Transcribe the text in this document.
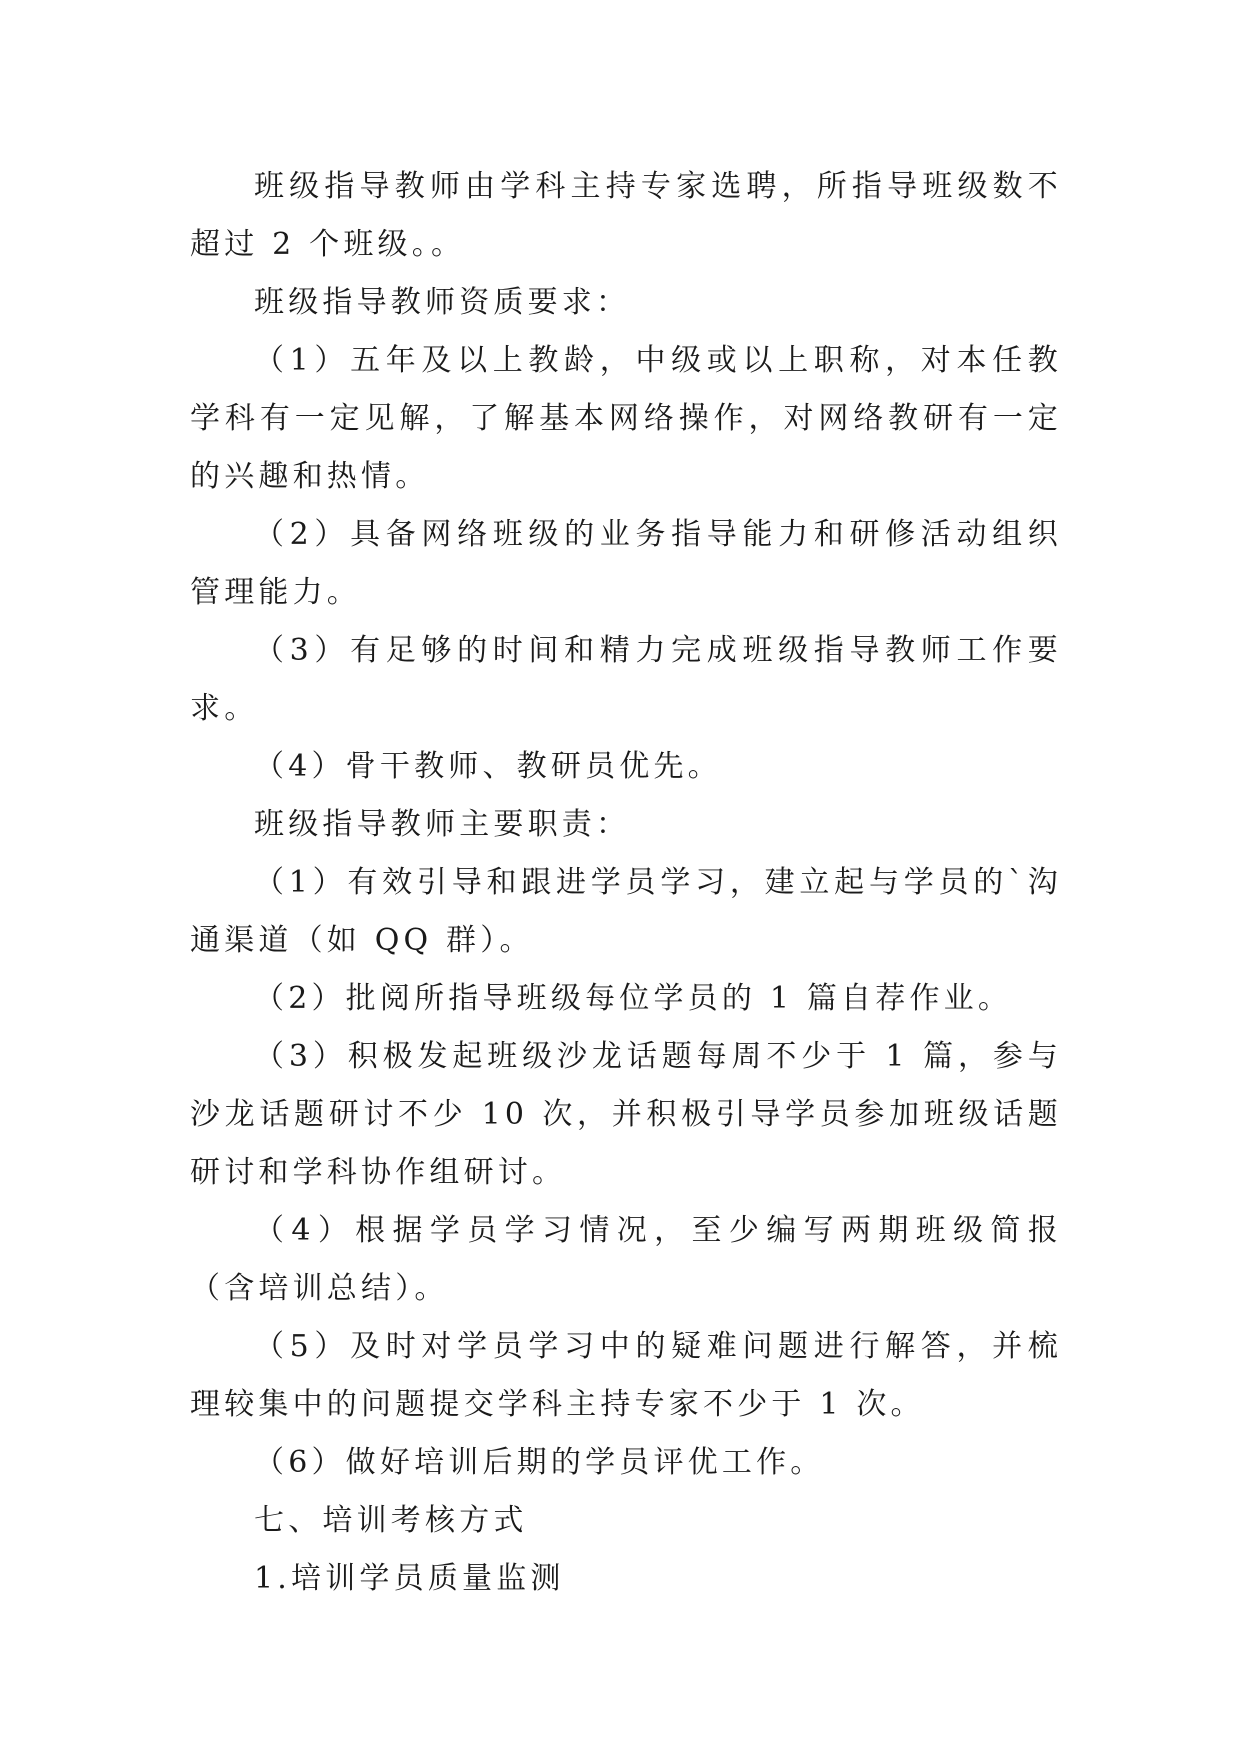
班级指导教师由学科主持专家选聘，所指导班级数不超过 2 个班级。。

班级指导教师资质要求：

（1）五年及以上教龄，中级或以上职称，对本任教学科有一定见解，了解基本网络操作，对网络教研有一定的兴趣和热情。

（2）具备网络班级的业务指导能力和研修活动组织管理能力。

（3）有足够的时间和精力完成班级指导教师工作要求。

（4）骨干教师、教研员优先。

班级指导教师主要职责：

（1）有效引导和跟进学员学习，建立起与学员的`沟通渠道（如 QQ 群）。

（2）批阅所指导班级每位学员的 1 篇自荐作业。

（3）积极发起班级沙龙话题每周不少于 1 篇，参与沙龙话题研讨不少 10 次，并积极引导学员参加班级话题研讨和学科协作组研讨。

（4）根据学员学习情况，至少编写两期班级简报（含培训总结）。

（5）及时对学员学习中的疑难问题进行解答，并梳理较集中的问题提交学科主持专家不少于 1 次。

（6）做好培训后期的学员评优工作。

七、培训考核方式

1.培训学员质量监测
